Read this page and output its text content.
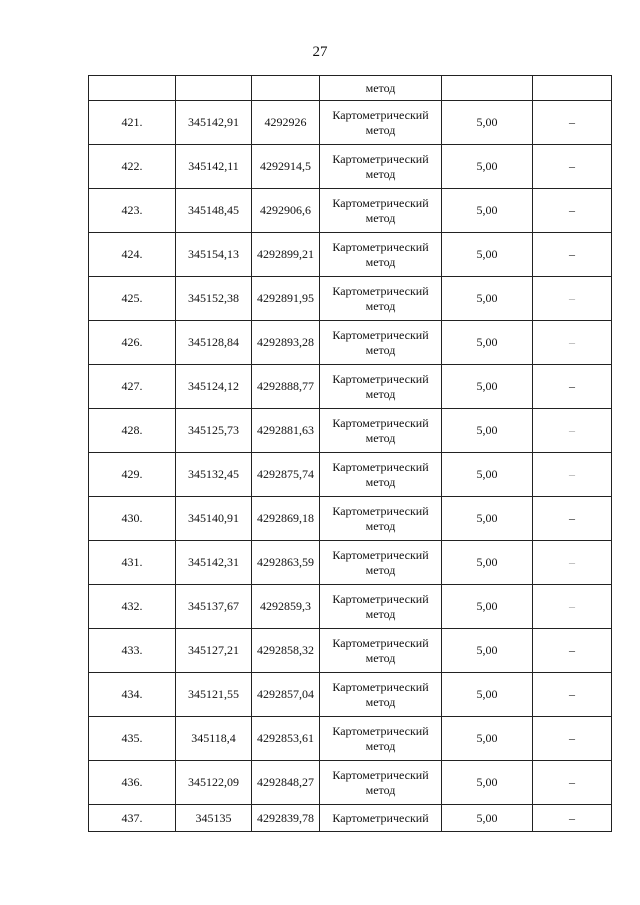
27
			метод		
421.	345142,91	4292926	Картометрический метод	5,00	–
422.	345142,11	4292914,5	Картометрический метод	5,00	–
423.	345148,45	4292906,6	Картометрический метод	5,00	–
424.	345154,13	4292899,21	Картометрический метод	5,00	–
425.	345152,38	4292891,95	Картометрический метод	5,00	–
426.	345128,84	4292893,28	Картометрический метод	5,00	–
427.	345124,12	4292888,77	Картометрический метод	5,00	–
428.	345125,73	4292881,63	Картометрический метод	5,00	–
429.	345132,45	4292875,74	Картометрический метод	5,00	–
430.	345140,91	4292869,18	Картометрический метод	5,00	–
431.	345142,31	4292863,59	Картометрический метод	5,00	–
432.	345137,67	4292859,3	Картометрический метод	5,00	–
433.	345127,21	4292858,32	Картометрический метод	5,00	–
434.	345121,55	4292857,04	Картометрический метод	5,00	–
435.	345118,4	4292853,61	Картометрический метод	5,00	–
436.	345122,09	4292848,27	Картометрический метод	5,00	–
437.	345135	4292839,78	Картометрический	5,00	–
